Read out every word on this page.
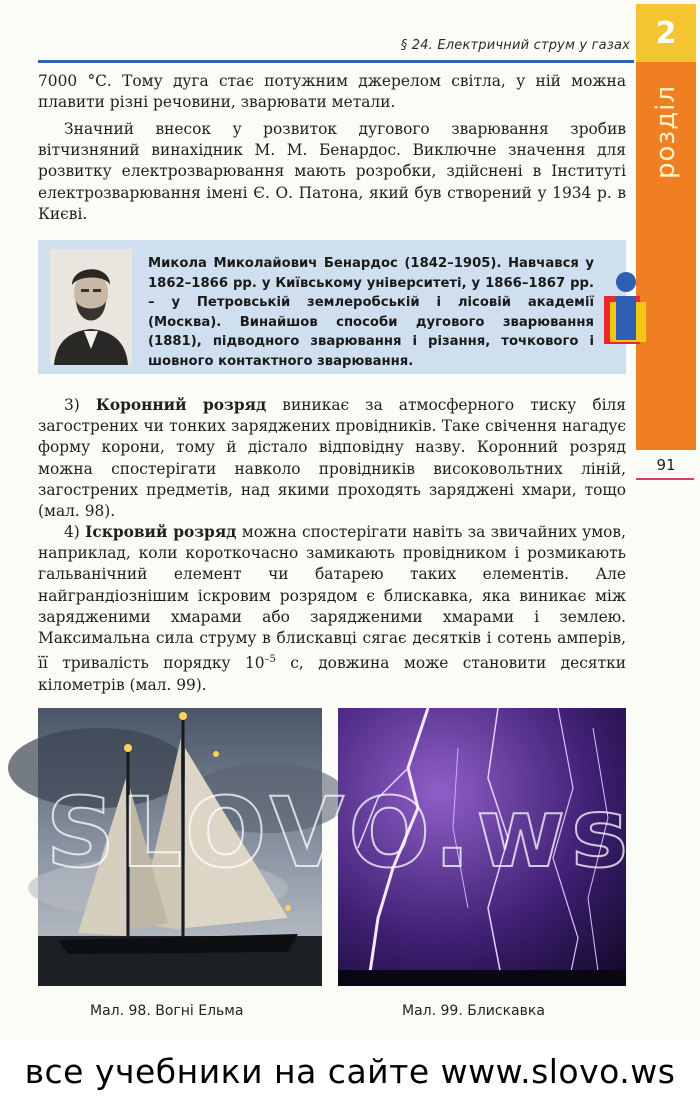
§ 24. Електричний струм у газах 2
розділ
91

7000 °С. Тому дуга стає потужним джерелом світла, у ній можна плавити різні речовини, зварювати метали.

Значний внесок у розвиток дугового зварювання зробив вітчизняний винахідник М. М. Бенардос. Виключне значення для розвитку електрозварювання мають розробки, здійснені в Інституті електрозварювання імені Є. О. Патона, який був створений у 1934 р. в Києві.

Микола Миколайович Бенардос (1842–1905). Навчався у 1862–1866 рр. у Київському університеті, у 1866–1867 рр. – у Петровській землеробській і лісовій академії (Москва). Винайшов способи дугового зварювання (1881), підводного зварювання і різання, точкового і шовного контактного зварювання.

3) Коронний розряд виникає за атмосферного тиску біля загострених чи тонких заряджених провідників. Таке свічення нагадує форму корони, тому й дістало відповідну назву. Коронний розряд можна спостерігати навколо провідників високовольтних ліній, загострених предметів, над якими проходять заряджені хмари, тощо (мал. 98).

4) Іскровий розряд можна спостерігати навіть за звичайних умов, наприклад, коли короткочасно замикають провідником і розмикають гальванічний елемент чи батарею таких елементів. Але найграндіознішим іскровим розрядом є блискавка, яка виникає між зарядженими хмарами або зарядженими хмарами і землею. Максимальна сила струму в блискавці сягає десятків і сотень амперів, її тривалість порядку $10^{-5}$ с, довжина може становити десятки кілометрів (мал. 99).

Мал. 98. Вогні Ельма	Мал. 99. Блискавка
SLOVO.ws
все учебники на сайте www.slovo.ws
